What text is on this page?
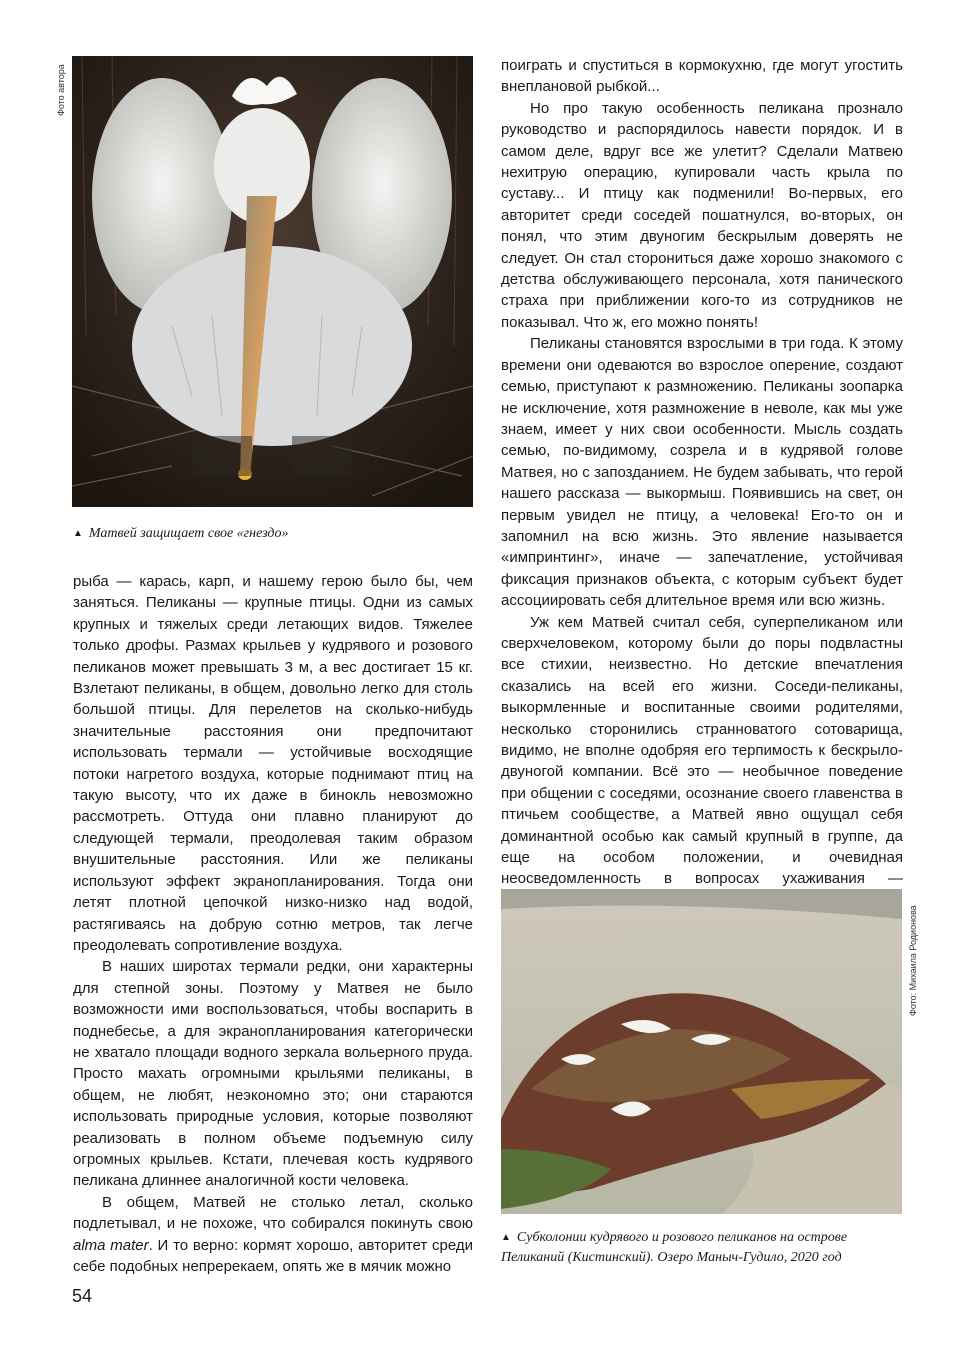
Фото автора
▲ Матвей защищает свое «гнездо»

рыба — карась, карп, и нашему герою было бы, чем заняться. Пеликаны — крупные птицы. Одни из самых крупных и тяжелых среди летающих видов. Тяжелее только дрофы. Размах крыльев у кудрявого и розового пеликанов может превышать 3 м, а вес достигает 15 кг. Взлетают пеликаны, в общем, довольно легко для столь большой птицы. Для перелетов на сколько-нибудь значительные расстояния они предпочитают использовать термали — устойчивые восходящие потоки нагретого воздуха, которые поднимают птиц на такую высоту, что их даже в бинокль невозможно рассмотреть. Оттуда они плавно планируют до следующей термали, преодолевая таким образом внушительные расстояния. Или же пеликаны используют эффект экранопланирования. Тогда они летят плотной цепочкой низко-низко над водой, растягиваясь на добрую сотню метров, так легче преодолевать сопротивление воздуха.

В наших широтах термали редки, они характерны для степной зоны. Поэтому у Матвея не было возможности ими воспользоваться, чтобы воспарить в поднебесье, а для экранопланирования категорически не хватало площади водного зеркала вольерного пруда. Просто махать огромными крыльями пеликаны, в общем, не любят, неэкономно это; они стараются использовать природные условия, которые позволяют реализовать в полном объеме подъемную силу огромных крыльев. Кстати, плечевая кость кудрявого пеликана длиннее аналогичной кости человека.

В общем, Матвей не столько летал, сколько подлетывал, и не похоже, что собирался покинуть свою alma mater. И то верно: кормят хорошо, авторитет среди себе подобных непререкаем, опять же в мячик можно

поиграть и спуститься в кормокухню, где могут угостить внеплановой рыбкой...

Но про такую особенность пеликана прознало руководство и распорядилось навести порядок. И в самом деле, вдруг все же улетит? Сделали Матвею нехитрую операцию, купировали часть крыла по суставу... И птицу как подменили! Во-первых, его авторитет среди соседей пошатнулся, во-вторых, он понял, что этим двуногим бескрылым доверять не следует. Он стал сторониться даже хорошо знакомого с детства обслуживающего персонала, хотя панического страха при приближении кого-то из сотрудников не показывал. Что ж, его можно понять!

Пеликаны становятся взрослыми в три года. К этому времени они одеваются во взрослое оперение, создают семью, приступают к размножению. Пеликаны зоопарка не исключение, хотя размножение в неволе, как мы уже знаем, имеет у них свои особенности. Мысль создать семью, по-видимому, созрела и в кудрявой голове Матвея, но с запозданием. Не будем забывать, что герой нашего рассказа — выкормыш. Появившись на свет, он первым увидел не птицу, а человека! Его-то он и запомнил на всю жизнь. Это явление называется «импринтинг», иначе — запечатление, устойчивая фиксация признаков объекта, с которым субъект будет ассоциировать себя длительное время или всю жизнь.

Уж кем Матвей считал себя, суперпеликаном или сверхчеловеком, которому были до поры подвластны все стихии, неизвестно. Но детские впечатления сказались на всей его жизни. Соседи-пеликаны, выкормленные и воспитанные своими родителями, несколько сторонились странноватого сотоварища, видимо, не вполне одобряя его терпимость к бескрыло-двуногой компании. Всё это — необычное поведение при общении с соседями, осознание своего главенства в птичьем сообществе, а Матвей явно ощущал себя доминантной особью как самый крупный в группе, да еще на особом положении, и очевидная неосведомленность в вопросах ухаживания —

Фото: Михаила Родионова
▲ Субколонии кудрявого и розового пеликанов на острове Пеликаний (Кистинский). Озеро Маныч-Гудило, 2020 год
54
